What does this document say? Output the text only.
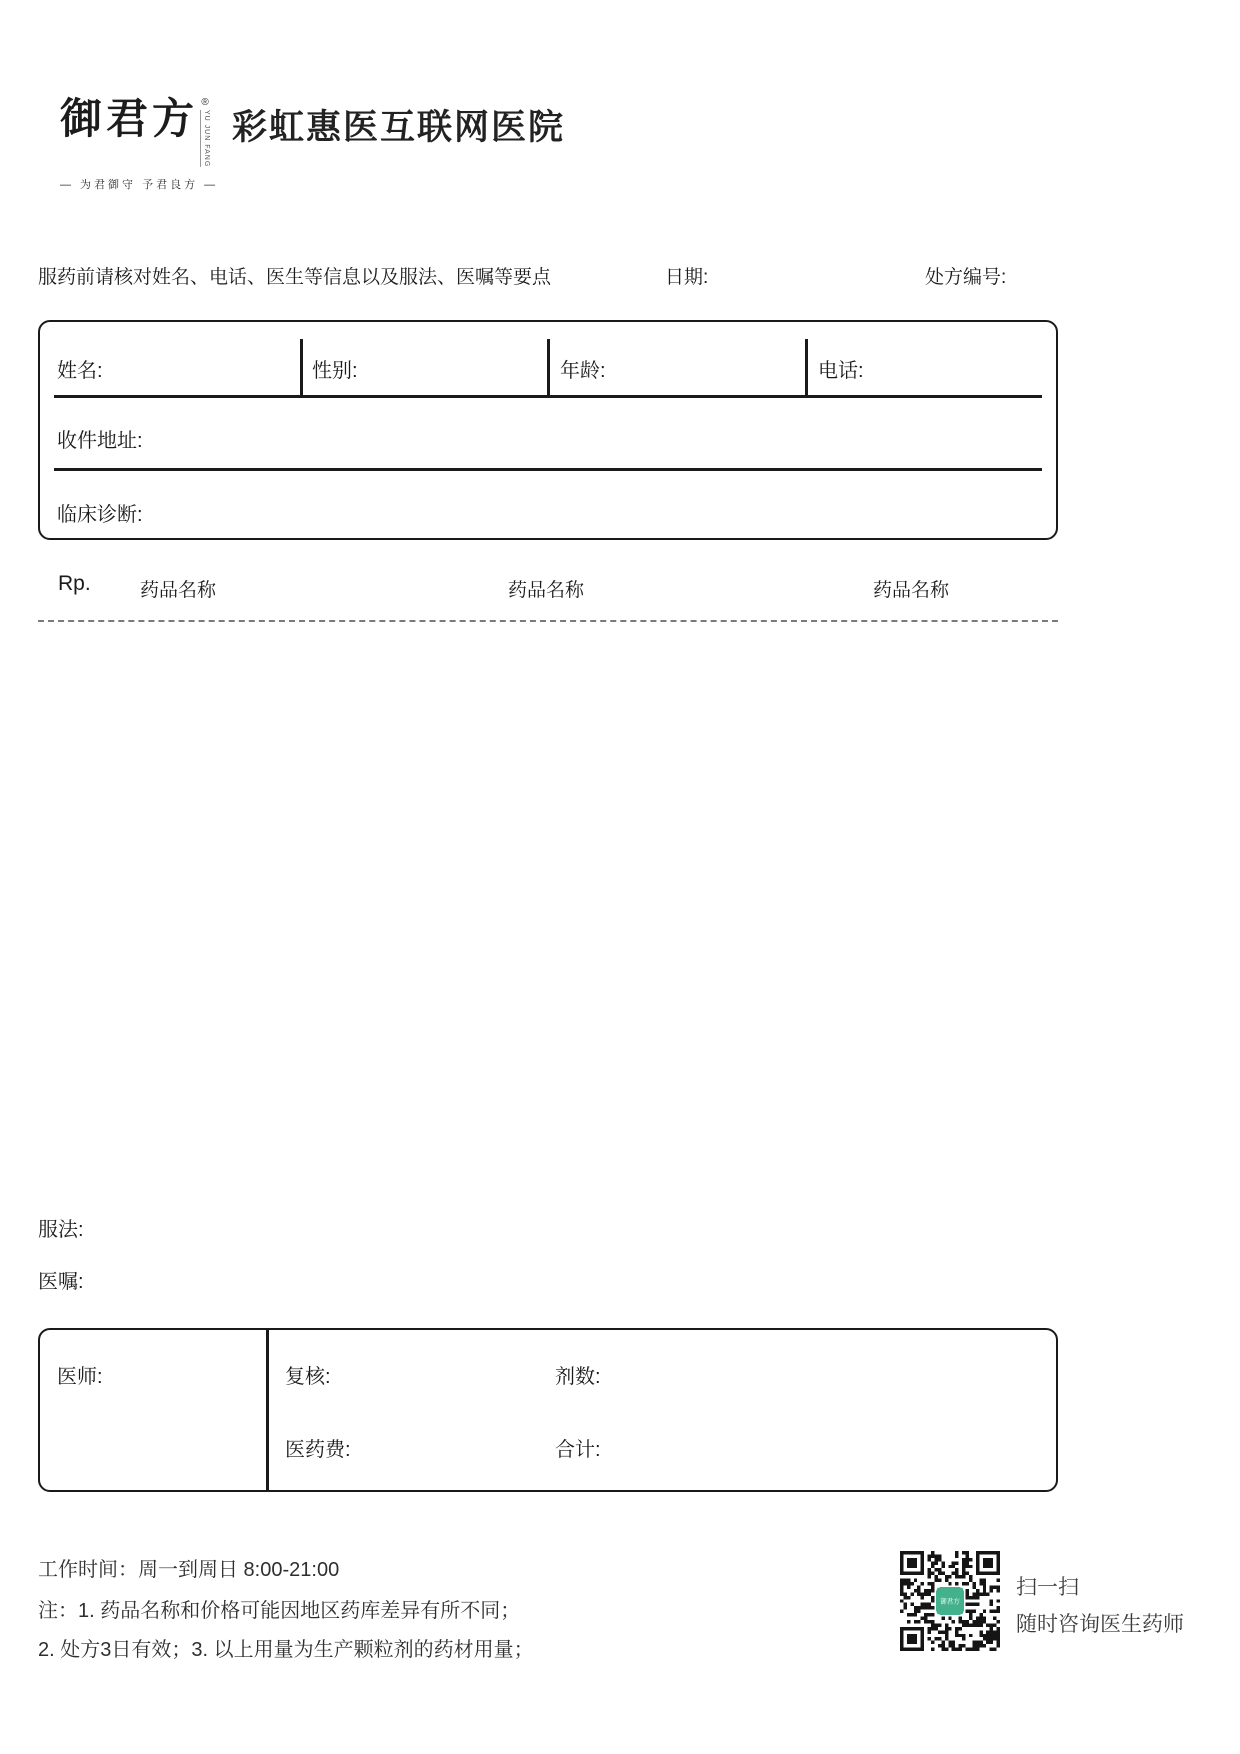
御君方 ®
YU JUN FANG
— 为君御守 予君良方 —
彩虹惠医互联网医院
服药前请核对姓名、电话、医生等信息以及服法、医嘱等要点	日期:	处方编号:
姓名:	性别:	年龄:	电话:
收件地址:
临床诊断:
Rp.	药品名称	药品名称	药品名称
服法:
医嘱:
医师:	复核:	剂数:
医药费:	合计:
工作时间：周一到周日 8:00-21:00
注：1. 药品名称和价格可能因地区药库差异有所不同；
2. 处方3日有效；3. 以上用量为生产颗粒剂的药材用量；
御君方
扫一扫
随时咨询医生药师
